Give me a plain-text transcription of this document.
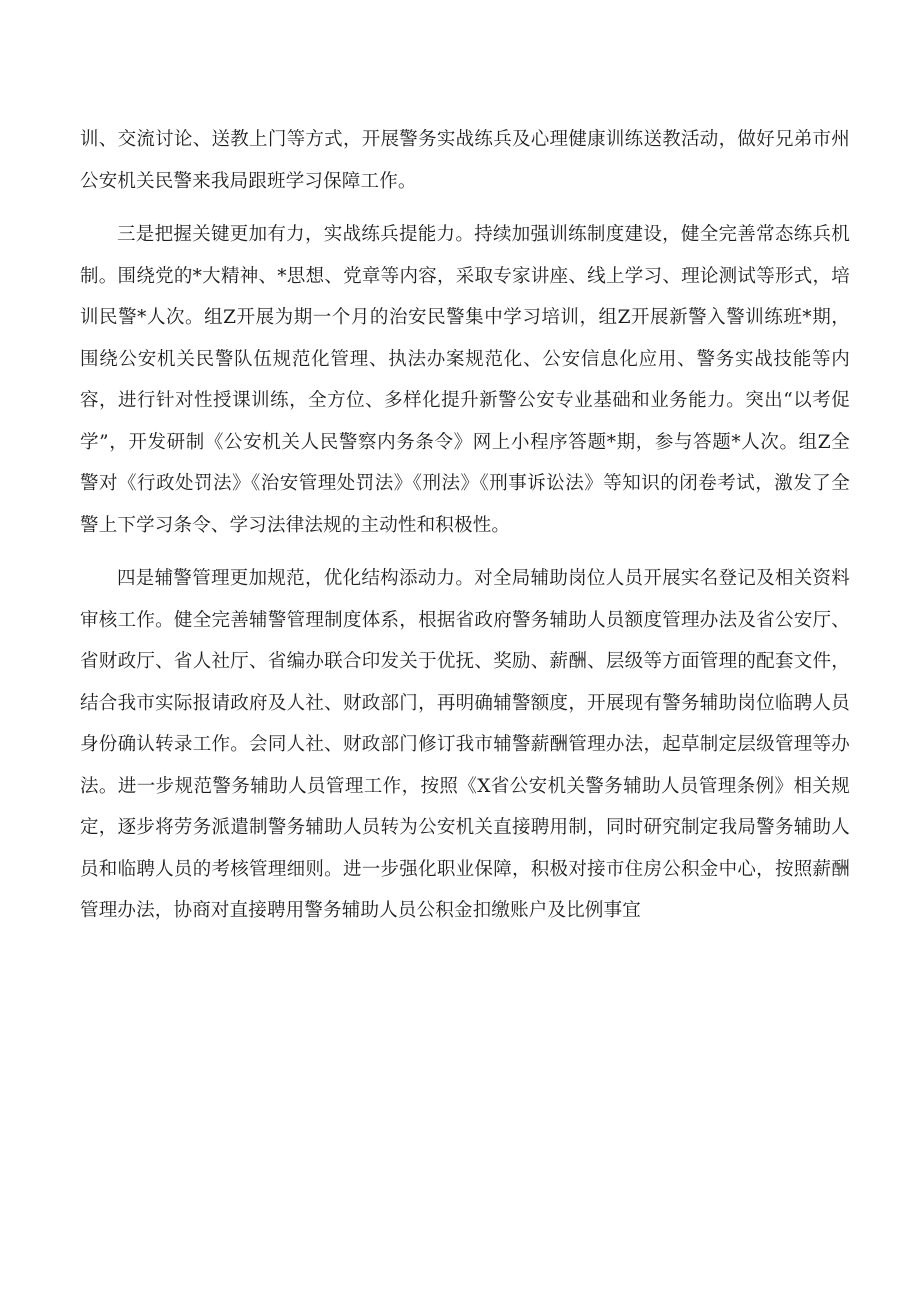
训、交流讨论、送教上门等方式，开展警务实战练兵及心理健康训练送教活动，做好兄弟市州公安机关民警来我局跟班学习保障工作。

三是把握关键更加有力，实战练兵提能力。持续加强训练制度建设，健全完善常态练兵机制。围绕党的*大精神、*思想、党章等内容，采取专家讲座、线上学习、理论测试等形式，培训民警*人次。组Z开展为期一个月的治安民警集中学习培训，组Z开展新警入警训练班*期，围绕公安机关民警队伍规范化管理、执法办案规范化、公安信息化应用、警务实战技能等内容，进行针对性授课训练，全方位、多样化提升新警公安专业基础和业务能力。突出“以考促学”，开发研制《公安机关人民警察内务条令》网上小程序答题*期，参与答题*人次。组Z全警对《行政处罚法》《治安管理处罚法》《刑法》《刑事诉讼法》等知识的闭卷考试，激发了全警上下学习条令、学习法律法规的主动性和积极性。

四是辅警管理更加规范，优化结构添动力。对全局辅助岗位人员开展实名登记及相关资料审核工作。健全完善辅警管理制度体系，根据省政府警务辅助人员额度管理办法及省公安厅、省财政厅、省人社厅、省编办联合印发关于优抚、奖励、薪酬、层级等方面管理的配套文件，结合我市实际报请政府及人社、财政部门，再明确辅警额度，开展现有警务辅助岗位临聘人员身份确认转录工作。会同人社、财政部门修订我市辅警薪酬管理办法，起草制定层级管理等办法。进一步规范警务辅助人员管理工作，按照《X省公安机关警务辅助人员管理条例》相关规定，逐步将劳务派遣制警务辅助人员转为公安机关直接聘用制，同时研究制定我局警务辅助人员和临聘人员的考核管理细则。进一步强化职业保障，积极对接市住房公积金中心，按照薪酬管理办法，协商对直接聘用警务辅助人员公积金扣缴账户及比例事宜
